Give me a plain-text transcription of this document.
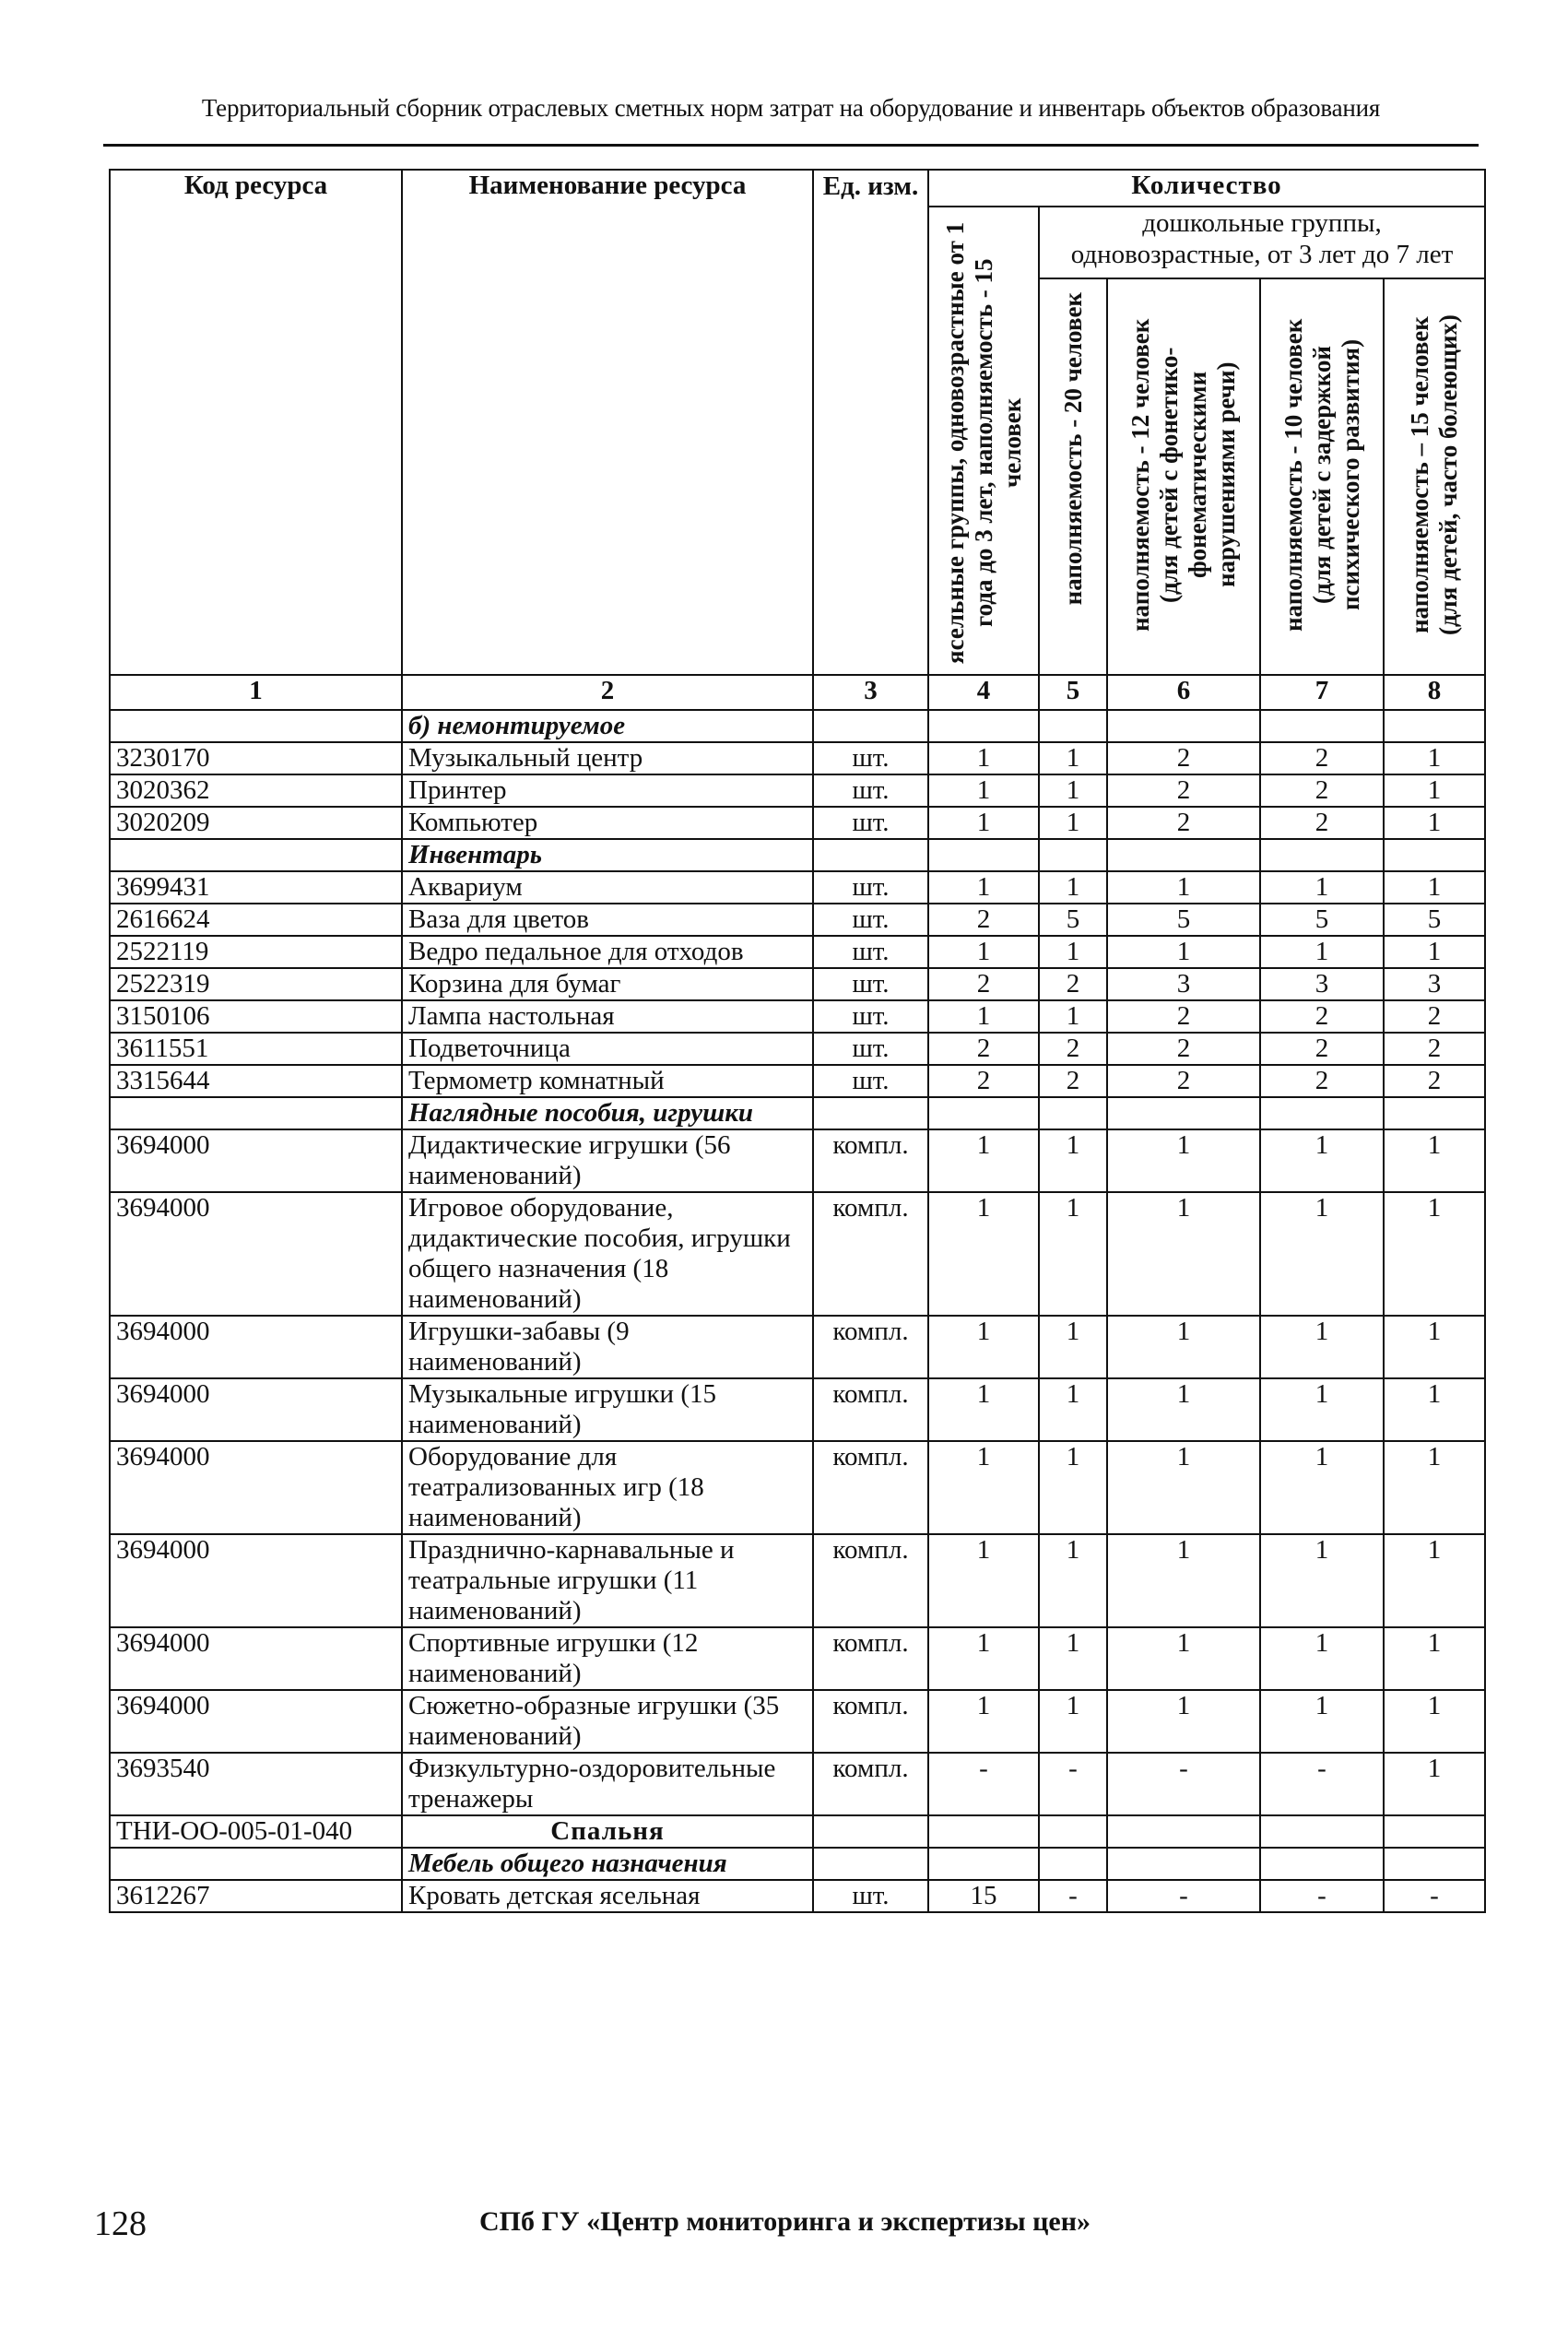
Территориальный сборник отраслевых сметных норм затрат на оборудование и инвентарь объектов образования
Код ресурса	Наименование ресурса	Ед. изм.	Количество				
			ясельные группы, одновозрастные от 1 года до 3 лет, наполняемость - 15 человек	дошкольные группы, одновозрастные, от 3 лет до 7 лет			
				наполняемость - 20 человек	наполняемость - 12 человек (для детей с фонетико-фонематическими нарушениями речи)	наполняемость - 10 человек (для детей с задержкой психического развития)	наполняемость – 15 человек (для детей, часто болеющих)
1	2	3	4	5	6	7	8
	б) немонтируемое						
3230170	Музыкальный центр	шт.	1	1	2	2	1
3020362	Принтер	шт.	1	1	2	2	1
3020209	Компьютер	шт.	1	1	2	2	1
	Инвентарь						
3699431	Аквариум	шт.	1	1	1	1	1
2616624	Ваза для цветов	шт.	2	5	5	5	5
2522119	Ведро педальное для отходов	шт.	1	1	1	1	1
2522319	Корзина для бумаг	шт.	2	2	3	3	3
3150106	Лампа настольная	шт.	1	1	2	2	2
3611551	Подветочница	шт.	2	2	2	2	2
3315644	Термометр комнатный	шт.	2	2	2	2	2
	Наглядные пособия, игрушки						
3694000	Дидактические игрушки (56 наименований)	компл.	1	1	1	1	1
3694000	Игровое оборудование, дидактические пособия, игрушки общего назначения (18 наименований)	компл.	1	1	1	1	1
3694000	Игрушки-забавы (9 наименований)	компл.	1	1	1	1	1
3694000	Музыкальные игрушки (15 наименований)	компл.	1	1	1	1	1
3694000	Оборудование для театрализованных игр (18 наименований)	компл.	1	1	1	1	1
3694000	Праздничнo-карнавальные и театральные игрушки (11 наименований)	компл.	1	1	1	1	1
3694000	Спортивные игрушки (12 наименований)	компл.	1	1	1	1	1
3694000	Сюжетно-образные игрушки (35 наименований)	компл.	1	1	1	1	1
3693540	Физкультурно-оздоровительные тренажеры	компл.	-	-	-	-	1
ТНИ-ОО-005-01-040	Спальня						
	Мебель общего назначения						
3612267	Кровать детская ясельная	шт.	15	-	-	-	-
128	СПб ГУ «Центр мониторинга и экспертизы цен»
